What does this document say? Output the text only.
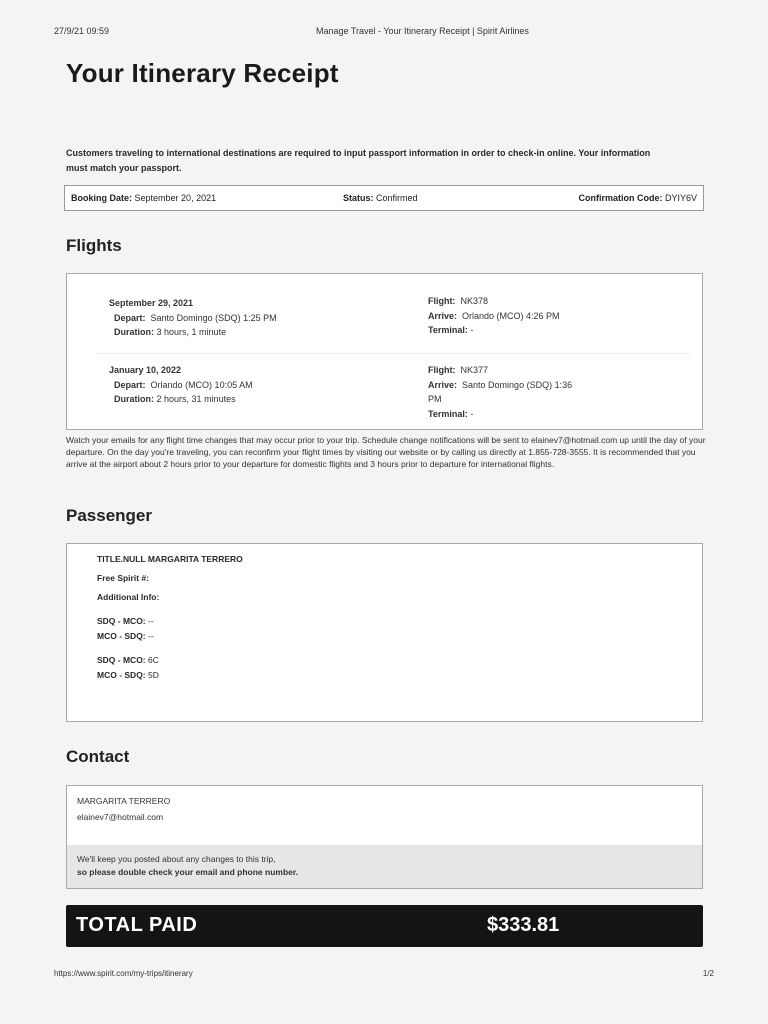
27/9/21 09:59	Manage Travel - Your Itinerary Receipt | Spirit Airlines
Your Itinerary Receipt

Customers traveling to international destinations are required to input passport information in order to check-in online. Your information must match your passport.

Booking Date: September 20, 2021	Status: Confirmed	Confirmation Code: DYIY6V
Flights
September 29, 2021
Depart: Santo Domingo (SDQ) 1:25 PM
Duration: 3 hours, 1 minute
Flight: NK378
Arrive: Orlando (MCO) 4:26 PM
Terminal: -
January 10, 2022
Depart: Orlando (MCO) 10:05 AM
Duration: 2 hours, 31 minutes
Flight: NK377
Arrive: Santo Domingo (SDQ) 1:36
PM
Terminal: -

Watch your emails for any flight time changes that may occur prior to your trip. Schedule change notifications will be sent to elainev7@hotmail.com up until the day of your departure. On the day you're traveling, you can reconfirm your flight times by visiting our website or by calling us directly at 1.855-728-3555. It is recommended that you arrive at the airport about 2 hours prior to your departure for domestic flights and 3 hours prior to departure for international flights.

Passenger
TITLE.NULL MARGARITA TERRERO
Free Spirit #:
Additional Info:
SDQ - MCO: --
MCO - SDQ: --
SDQ - MCO: 6C
MCO - SDQ: 5D
Contact
MARGARITA TERRERO
elainev7@hotmail.com
We'll keep you posted about any changes to this trip,
so please double check your email and phone number.
TOTAL PAID	$333.81
https://www.spirit.com/my-trips/itinerary	1/2
